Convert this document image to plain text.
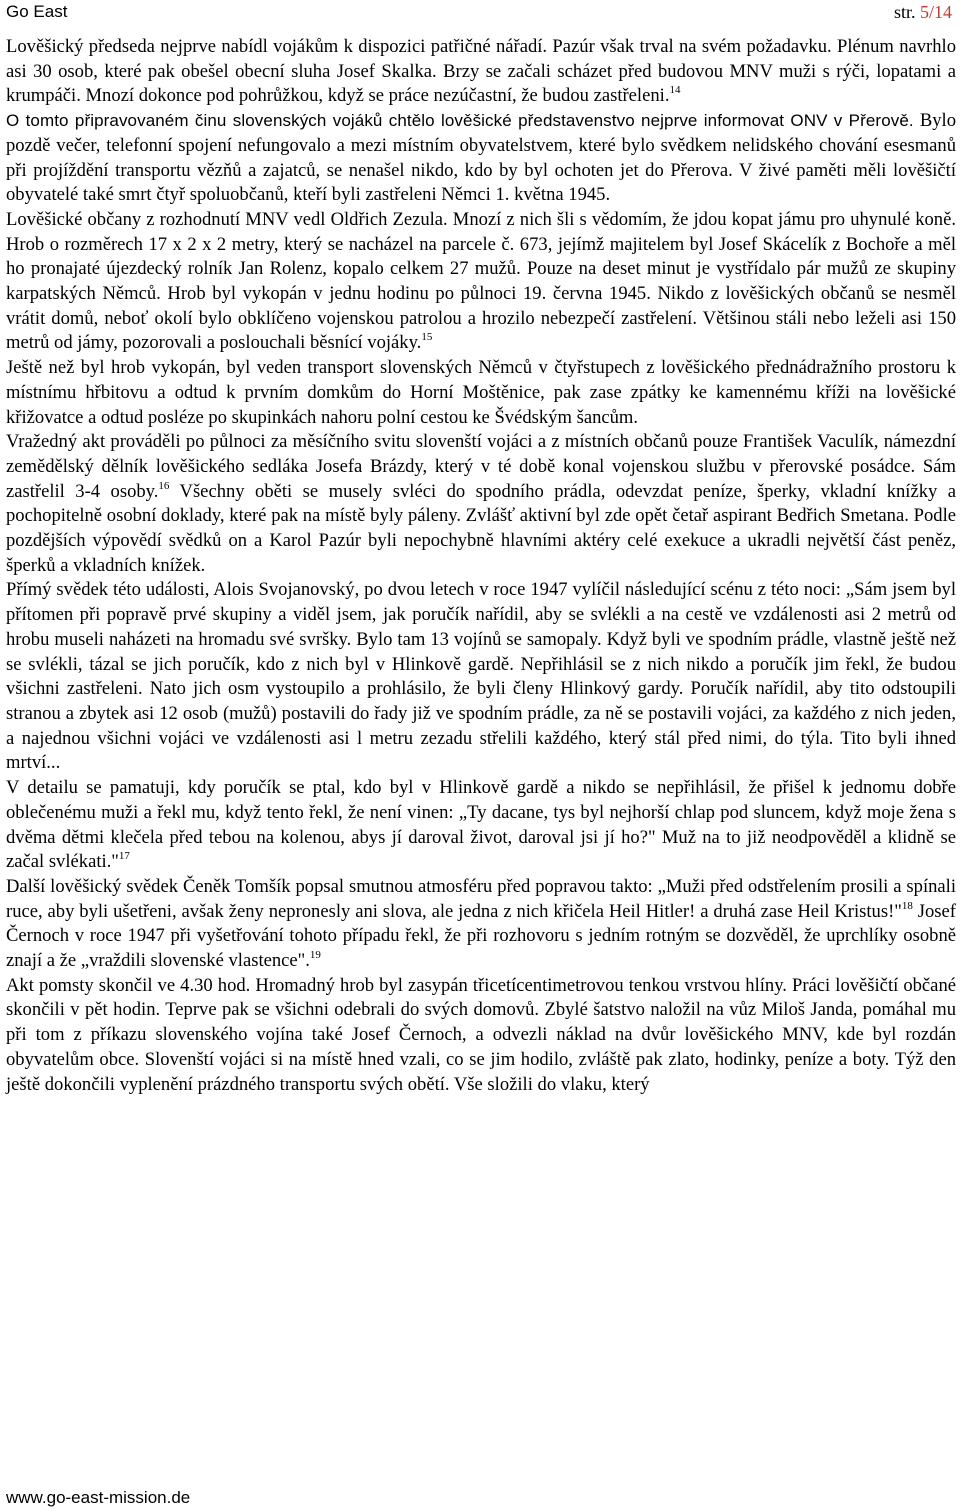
Go East	str. 5/14

Lověšický předseda nejprve nabídl vojákům k dispozici patřičné nářadí. Pazúr však trval na svém požadavku. Plénum navrhlo asi 30 osob, které pak obešel obecní sluha Josef Skalka. Brzy se začali scházet před budovou MNV muži s rýči, lopatami a krumpáči. Mnozí dokonce pod pohrůžkou, když se práce nezúčastní, že budou zastřeleni.$^{14}$

O tomto připravovaném činu slovenských vojáků chtělo lověšické představenstvo nejprve informovat ONV v Přerově. Bylo pozdě večer, telefonní spojení nefungovalo a mezi místním obyvatelstvem, které bylo svědkem nelidského chování esesmanů při projíždění transportu vězňů a zajatců, se nenašel nikdo, kdo by byl ochoten jet do Přerova. V živé paměti měli lověšičtí obyvatelé také smrt čtyř spoluobčanů, kteří byli zastřeleni Němci 1. května 1945.

Lověšické občany z rozhodnutí MNV vedl Oldřich Zezula. Mnozí z nich šli s vědomím, že jdou kopat jámu pro uhynulé koně. Hrob o rozměrech 17 x 2 x 2 metry, který se nacházel na parcele č. 673, jejímž majitelem byl Josef Skácelík z Bochoře a měl ho pronajaté újezdecký rolník Jan Rolenz, kopalo celkem 27 mužů. Pouze na deset minut je vystřídalo pár mužů ze skupiny karpatských Němců. Hrob byl vykopán v jednu hodinu po půlnoci 19. června 1945. Nikdo z lověšických občanů se nesměl vrátit domů, neboť okolí bylo obklíčeno vojenskou patrolou a hrozilo nebezpečí zastřelení. Většinou stáli nebo leželi asi 150 metrů od jámy, pozorovali a poslouchali běsnící vojáky.$^{15}$

Ještě než byl hrob vykopán, byl veden transport slovenských Němců v čtyřstupech z lověšického přednádražního prostoru k místnímu hřbitovu a odtud k prvním domkům do Horní Moštěnice, pak zase zpátky ke kamennému kříži na lověšické křižovatce a odtud posléze po skupinkách nahoru polní cestou ke Švédským šancům.

Vražedný akt prováděli po půlnoci za měsíčního svitu slovenští vojáci a z místních občanů pouze František Vaculík, námezdní zemědělský dělník lověšického sedláka Josefa Brázdy, který v té době konal vojenskou službu v přerovské posádce. Sám zastřelil 3-4 osoby.$^{16}$ Všechny oběti se musely svléci do spodního prádla, odevzdat peníze, šperky, vkladní knížky a pochopitelně osobní doklady, které pak na místě byly páleny. Zvlášť aktivní byl zde opět četař aspirant Bedřich Smetana. Podle pozdějších výpovědí svědků on a Karol Pazúr byli nepochybně hlavními aktéry celé exekuce a ukradli největší část peněz, šperků a vkladních knížek.

Přímý svědek této události, Alois Svojanovský, po dvou letech v roce 1947 vylíčil následující scénu z této noci: „Sám jsem byl přítomen při popravě prvé skupiny a viděl jsem, jak poručík nařídil, aby se svlékli a na cestě ve vzdálenosti asi 2 metrů od hrobu museli naházeti na hromadu své svršky. Bylo tam 13 vojínů se samopaly. Když byli ve spodním prádle, vlastně ještě než se svlékli, tázal se jich poručík, kdo z nich byl v Hlinkově gardě. Nepřihlásil se z nich nikdo a poručík jim řekl, že budou všichni zastřeleni. Nato jich osm vystoupilo a prohlásilo, že byli členy Hlinkový gardy. Poručík nařídil, aby tito odstoupili stranou a zbytek asi 12 osob (mužů) postavili do řady již ve spodním prádle, za ně se postavili vojáci, za každého z nich jeden, a najednou všichni vojáci ve vzdálenosti asi l metru zezadu střelili každého, který stál před nimi, do týla. Tito byli ihned mrtví...

V detailu se pamatuji, kdy poručík se ptal, kdo byl v Hlinkově gardě a nikdo se nepřihlásil, že přišel k jednomu dobře oblečenému muži a řekl mu, když tento řekl, že není vinen: „Ty dacane, tys byl nejhorší chlap pod sluncem, když moje žena s dvěma dětmi klečela před tebou na kolenou, abys jí daroval život, daroval jsi jí ho?" Muž na to již neodpověděl a klidně se začal svlékati."$^{17}$

Další lověšický svědek Čeněk Tomšík popsal smutnou atmosféru před popravou takto: „Muži před odstřelením prosili a spínali ruce, aby byli ušetřeni, avšak ženy nepronesly ani slova, ale jedna z nich křičela Heil Hitler! a druhá zase Heil Kristus!"$^{18}$ Josef Černoch v roce 1947 při vyšetřování tohoto případu řekl, že při rozhovoru s jedním rotným se dozvěděl, že uprchlíky osobně znají a že „vraždili slovenské vlastence".$^{19}$

Akt pomsty skončil ve 4.30 hod. Hromadný hrob byl zasypán třicetícentimetrovou tenkou vrstvou hlíny. Práci lověšičtí občané skončili v pět hodin. Teprve pak se všichni odebrali do svých domovů. Zbylé šatstvo naložil na vůz Miloš Janda, pomáhal mu při tom z příkazu slovenského vojína také Josef Černoch, a odvezli náklad na dvůr lověšického MNV, kde byl rozdán obyvatelům obce. Slovenští vojáci si na místě hned vzali, co se jim hodilo, zvláště pak zlato, hodinky, peníze a boty. Týž den ještě dokončili vyplenění prázdného transportu svých obětí. Vše složili do vlaku, který

www.go-east-mission.de
